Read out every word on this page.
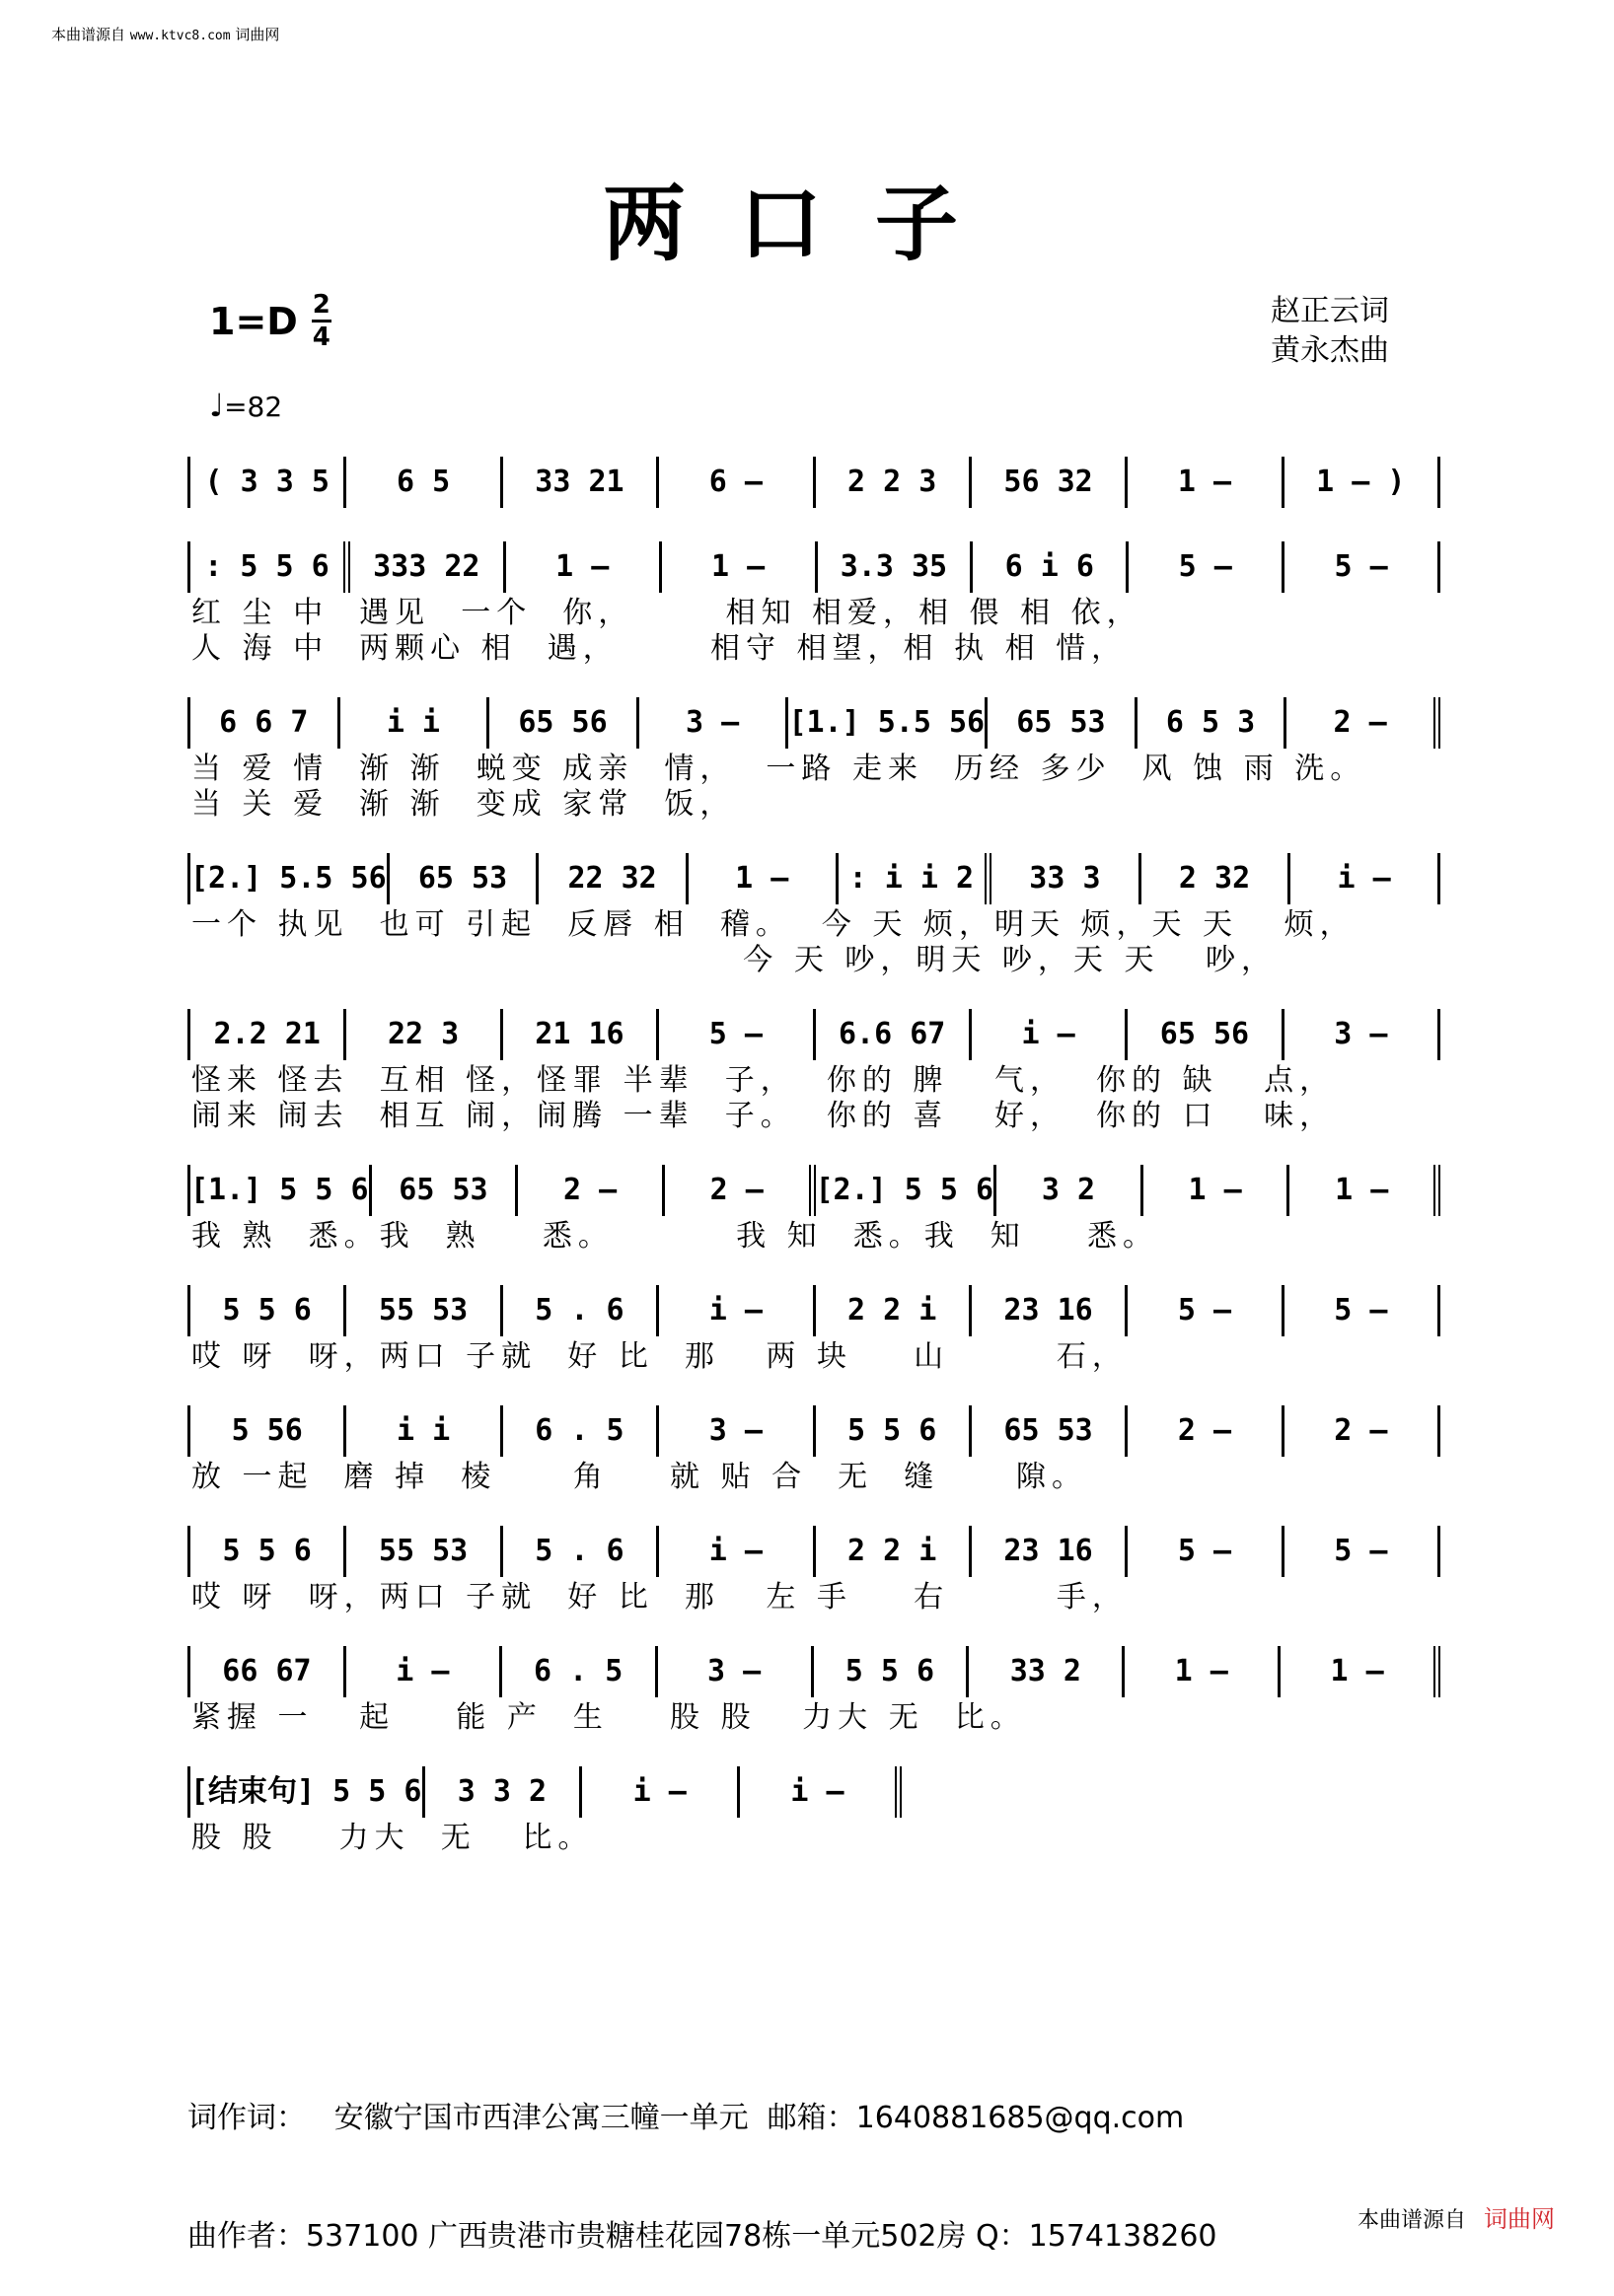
本曲谱源自 www.ktvc8.com 词曲网
两口子
$1=D \frac{2}{4}$
♩=82
赵正云词
黄永杰曲
( 3 3 5	6 5	33 21	6 –	2 2 3	56 32	1 –	1 – )
: 5 5 6	333 22	1 –	1 –	3.3 35	6 i 6	5 –	5 –
红 尘 中  遇见  一个  你，      相知 相爱，相 偎 相 依，
人 海 中  两颗心 相  遇，      相守 相望，相 执 相 惜，
6 6 7	i i	65 56	3 –	[1.] 5.5 56	65 53	6 5 3	2 –
当 爱 情  渐 渐  蜕变 成亲  情，  一路 走来  历经 多少  风 蚀 雨 洗。
当 关 爱  渐 渐  变成 家常  饭，
[2.] 5.5 56	65 53	22 32	1 –	: i i 2	33 3	2 32	i –
一个 执见  也可 引起  反唇 相  稽。  今 天 烦，明天 烦，天 天   烦，
今 天 吵，明天 吵，天 天   吵，
2.2 21	22 3	21 16	5 –	6.6 67	i –	65 56	3 –
怪来 怪去  互相 怪，怪罪 半辈  子，  你的 脾   气，  你的 缺   点，
闹来 闹去  相互 闹，闹腾 一辈  子。  你的 喜   好，  你的 口   味，
[1.] 5 5 6	65 53	2 –	2 –	[2.] 5 5 6	3 2	1 –	1 –
我 熟  悉。我  熟    悉。        我 知  悉。我  知    悉。
5 5 6	55 53	5 . 6	i –	2 2 i	23 16	5 –	5 –
哎 呀  呀，两口 子就  好 比  那   两 块    山       石，
5 56	i i	6 . 5	3 –	5 5 6	65 53	2 –	2 –
放 一起  磨 掉  棱     角    就 贴 合  无  缝     隙。
5 5 6	55 53	5 . 6	i –	2 2 i	23 16	5 –	5 –
哎 呀  呀，两口 子就  好 比  那   左 手    右       手，
66 67	i –	6 . 5	3 –	5 5 6	33 2	1 –	1 –
紧握 一   起    能 产  生    股 股   力大 无  比。
[结束句] 5 5 6	3 3 2	i –	i –
股 股    力大  无   比。

词作词：   安徽宁国市西津公寓三幢一单元  邮箱：1640881685@qq.com

曲作者：537100 广西贵港市贵糖桂花园78栋一单元502房 Q：1574138260	本曲谱源自 词曲网
